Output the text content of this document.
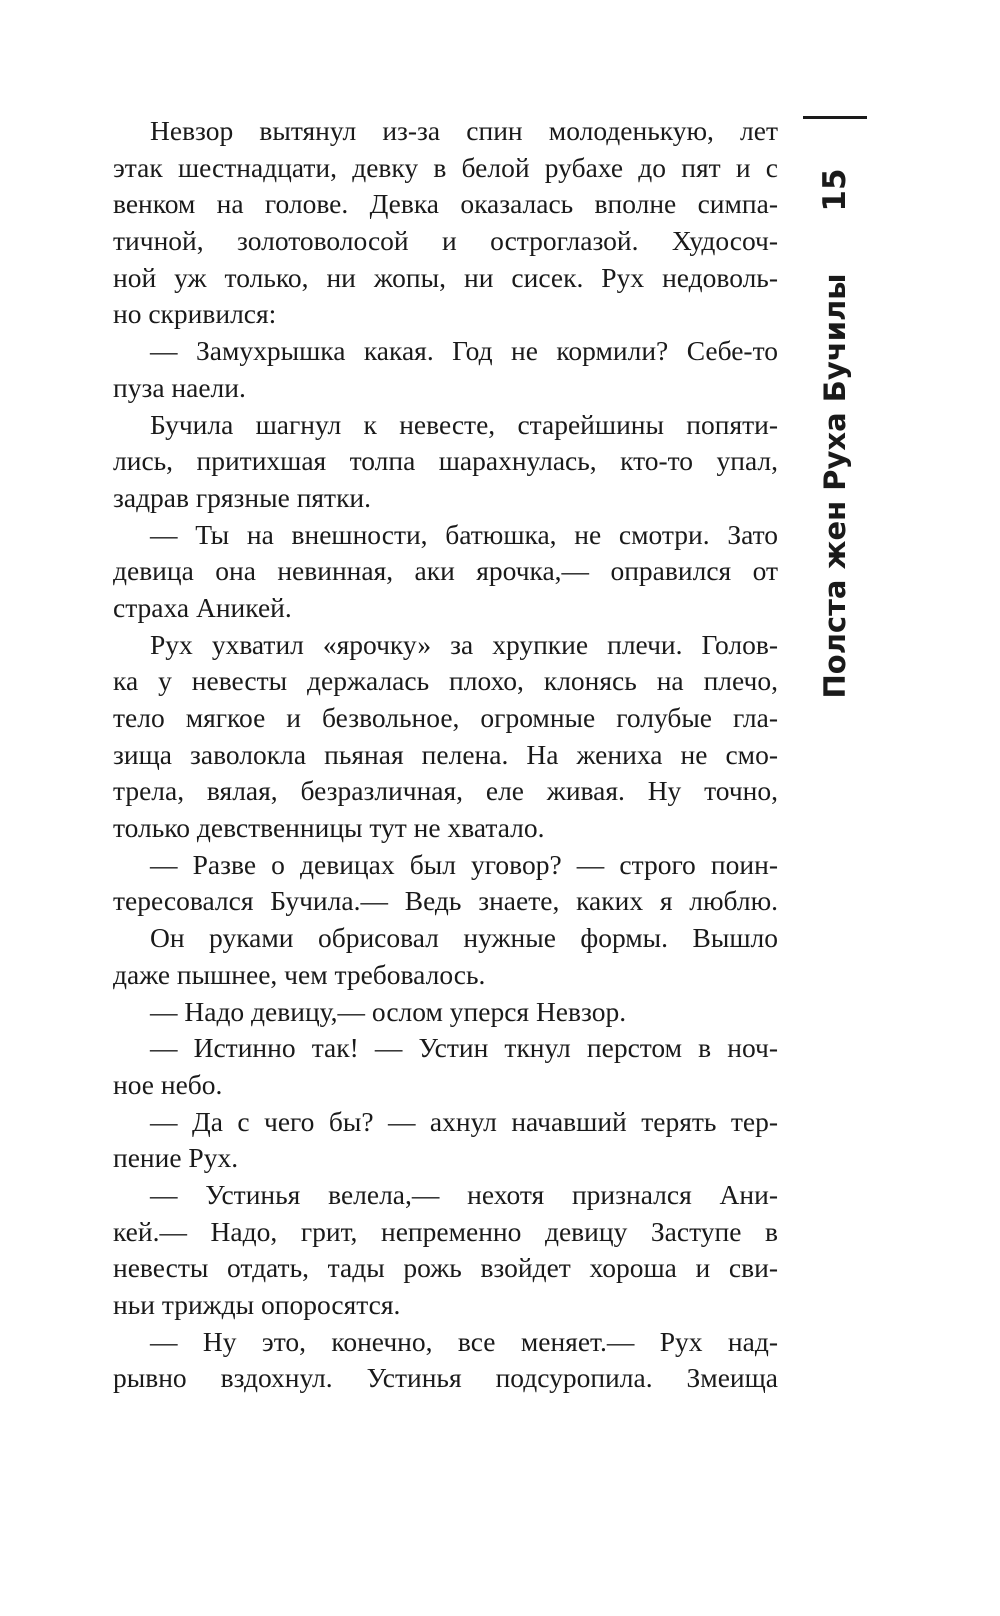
15
Полста жен Руха Бучилы
Невзор вытянул из-за спин молоденькую, лет
этак шестнадцати, девку в белой рубахе до пят и с
венком на голове. Девка оказалась вполне симпа-
тичной, золотоволосой и остроглазой. Худосоч-
ной уж только, ни жопы, ни сисек. Рух недоволь-
но скривился:
— Замухрышка какая. Год не кормили? Себе-то
пуза наели.
Бучила шагнул к невесте, старейшины попяти-
лись, притихшая толпа шарахнулась, кто-то упал,
задрав грязные пятки.
— Ты на внешности, батюшка, не смотри. Зато
девица она невинная, аки ярочка,— оправился от
страха Аникей.
Рух ухватил «ярочку» за хрупкие плечи. Голов-
ка у невесты держалась плохо, клонясь на плечо,
тело мягкое и безвольное, огромные голубые гла-
зища заволокла пьяная пелена. На жениха не смо-
трела, вялая, безразличная, еле живая. Ну точно,
только девственницы тут не хватало.
— Разве о девицах был уговор? — строго поин-
тересовался Бучила.— Ведь знаете, каких я люблю.
Он руками обрисовал нужные формы. Вышло
даже пышнее, чем требовалось.
— Надо девицу,— ослом уперся Невзор.
— Истинно так! — Устин ткнул перстом в ноч-
ное небо.
— Да с чего бы? — ахнул начавший терять тер-
пение Рух.
— Устинья велела,— нехотя признался Ани-
кей.— Надо, грит, непременно девицу Заступе в
невесты отдать, тады рожь взойдет хороша и сви-
ньи трижды опоросятся.
— Ну это, конечно, все меняет.— Рух над-
рывно вздохнул. Устинья подсуропила. Змеища
